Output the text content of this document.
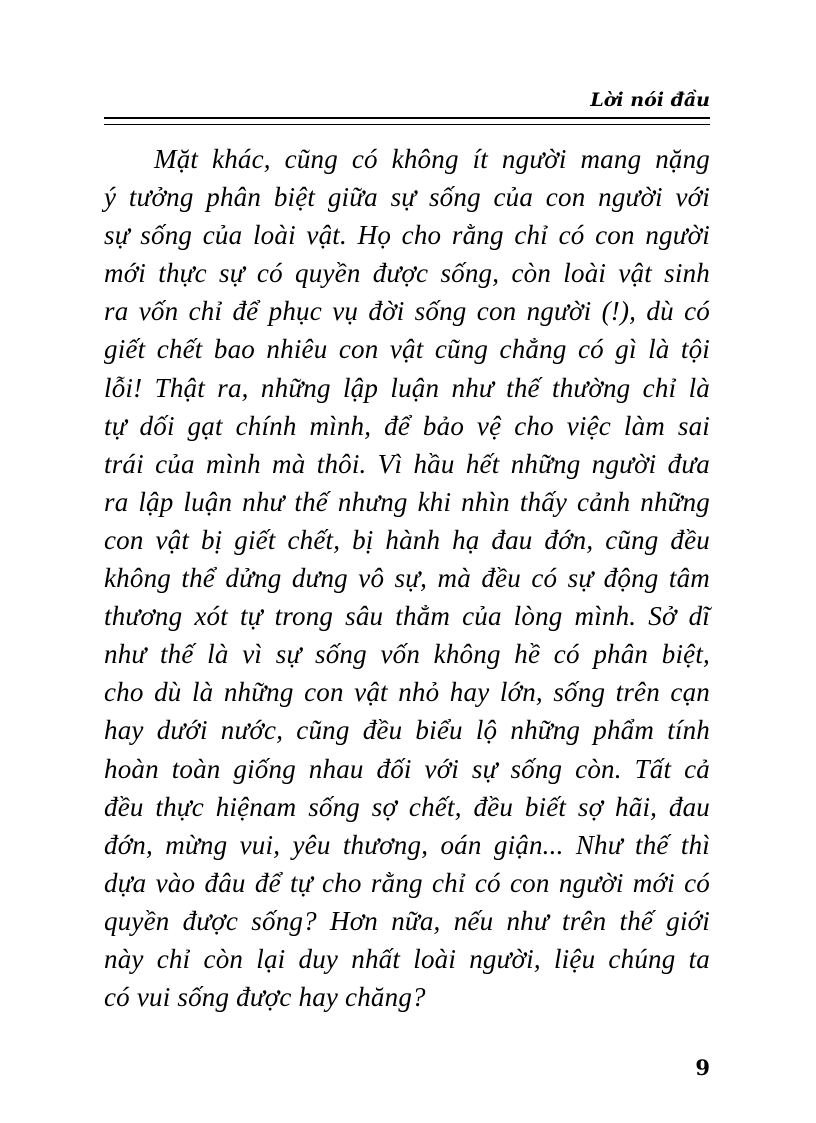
Lời nói đầu
Mặt khác, cũng có không ít người mang nặng
ý tưởng phân biệt giữa sự sống của con người với
sự sống của loài vật. Họ cho rằng chỉ có con người
mới thực sự có quyền được sống, còn loài vật sinh
ra vốn chỉ để phục vụ đời sống con người (!), dù có
giết chết bao nhiêu con vật cũng chẳng có gì là tội
lỗi! Thật ra, những lập luận như thế thường chỉ là
tự dối gạt chính mình, để bảo vệ cho việc làm sai
trái của mình mà thôi. Vì hầu hết những người đưa
ra lập luận như thế nhưng khi nhìn thấy cảnh những
con vật bị giết chết, bị hành hạ đau đớn, cũng đều
không thể dửng dưng vô sự, mà đều có sự động tâm
thương xót tự trong sâu thẳm của lòng mình. Sở dĩ
như thế là vì sự sống vốn không hề có phân biệt,
cho dù là những con vật nhỏ hay lớn, sống trên cạn
hay dưới nước, cũng đều biểu lộ những phẩm tính
hoàn toàn giống nhau đối với sự sống còn. Tất cả
đều thực hiệnam sống sợ chết, đều biết sợ hãi, đau
đớn, mừng vui, yêu thương, oán giận... Như thế thì
dựa vào đâu để tự cho rằng chỉ có con người mới có
quyền được sống? Hơn nữa, nếu như trên thế giới
này chỉ còn lại duy nhất loài người, liệu chúng ta
có vui sống được hay chăng?
9
